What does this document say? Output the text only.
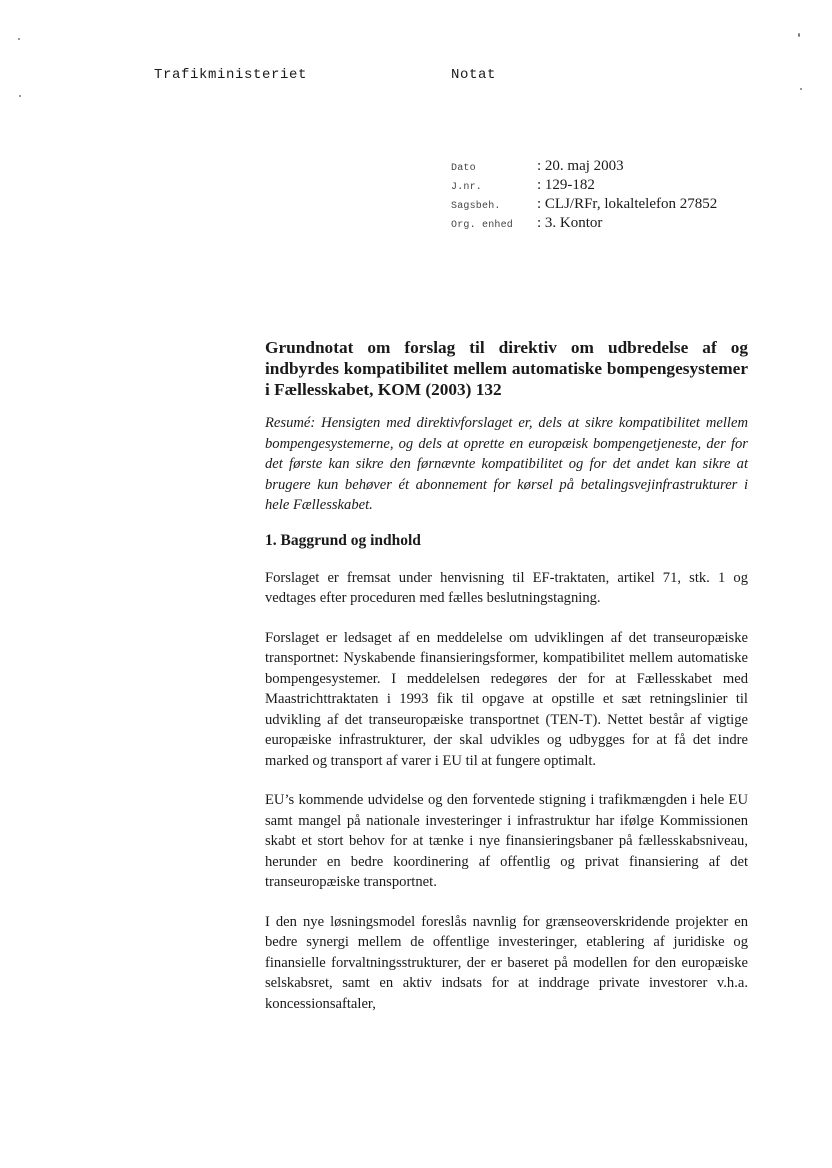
Trafikministeriet	Notat
Dato	: 20. maj 2003
J.nr.	: 129-182
Sagsbeh. : CLJ/RFr, lokaltelefon 27852
Org. enhed : 3. Kontor
Grundnotat om forslag til direktiv om udbredelse af og indbyrdes kompatibilitet mellem automatiske bompengesystemer i Fællesskabet, KOM (2003) 132

Resumé: Hensigten med direktivforslaget er, dels at sikre kompatibilitet mellem bompengesystemerne, og dels at oprette en europæisk bompengetjeneste, der for det første kan sikre den førnævnte kompatibilitet og for det andet kan sikre at brugere kun behøver ét abonnement for kørsel på betalingsvejinfrastrukturer i hele Fællesskabet.

1. Baggrund og indhold

Forslaget er fremsat under henvisning til EF-traktaten, artikel 71, stk. 1 og vedtages efter proceduren med fælles beslutningstagning.

Forslaget er ledsaget af en meddelelse om udviklingen af det transeuropæiske transportnet: Nyskabende finansieringsformer, kompatibilitet mellem automatiske bompengesystemer. I meddelelsen redegøres der for at Fællesskabet med Maastrichttraktaten i 1993 fik til opgave at opstille et sæt retningslinier til udvikling af det transeuropæiske transportnet (TEN-T). Nettet består af vigtige europæiske infrastrukturer, der skal udvikles og udbygges for at få det indre marked og transport af varer i EU til at fungere optimalt.

EU’s kommende udvidelse og den forventede stigning i trafikmængden i hele EU samt mangel på nationale investeringer i infrastruktur har ifølge Kommissionen skabt et stort behov for at tænke i nye finansieringsbaner på fællesskabsniveau, herunder en bedre koordinering af offentlig og privat finansiering af det transeuropæiske transportnet.

I den nye løsningsmodel foreslås navnlig for grænseoverskridende projekter en bedre synergi mellem de offentlige investeringer, etablering af juridiske og finansielle forvaltningsstrukturer, der er baseret på modellen for den europæiske selskabsret, samt en aktiv indsats for at inddrage private investorer v.h.a. koncessionsaftaler,
